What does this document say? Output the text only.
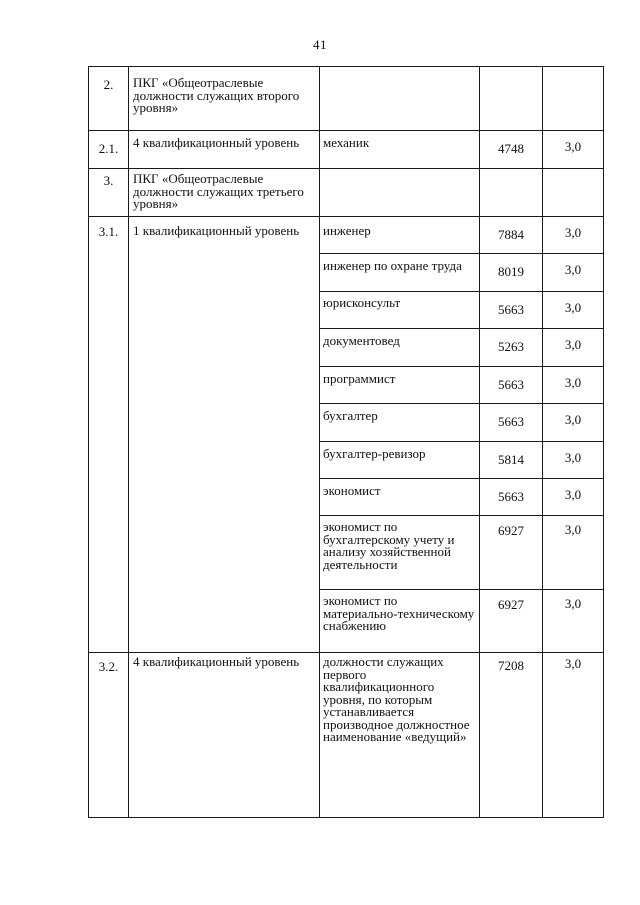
41
2.	ПКГ «Общеотраслевые должности служащих второго уровня»			

2.1.	4 квалификационный уровень	механик	4748	3,0

3.	ПКГ «Общеотраслевые должности служащих третьего уровня»			

3.1.	1 квалификационный уровень	инженер	7884	3,0

		инженер по охране труда	8019	3,0

		юрисконсульт	5663	3,0

		документовед	5263	3,0

		программист	5663	3,0

		бухгалтер	5663	3,0

		бухгалтер-ревизор	5814	3,0

		экономист	5663	3,0

		экономист по бухгалтерскому учету и анализу хозяйственной деятельности	6927	3,0

		экономист по материально-техническому снабжению	6927	3,0

3.2.	4 квалификационный уровень	должности служащих первого квалификационного уровня, по которым устанавливается производное должностное наименование «ведущий»	7208	3,0
